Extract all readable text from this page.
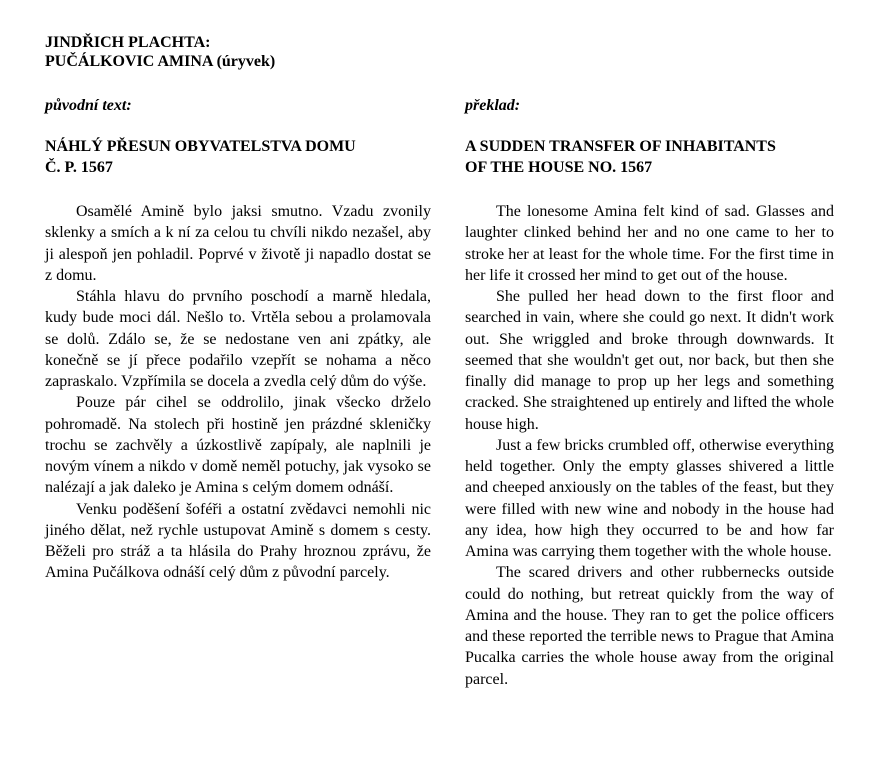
JINDŘICH PLACHTA:
PUČÁLKOVIC AMINA (úryvek)

původní text:

NÁHLÝ PŘESUN OBYVATELSTVA DOMU
Č. P. 1567

Osamělé Amině bylo jaksi smutno. Vzadu zvonily sklenky a smích a k ní za celou tu chvíli nikdo nezašel, aby ji alespoň jen pohladil. Poprvé v životě ji napadlo dostat se z domu.

Stáhla hlavu do prvního poschodí a marně hledala, kudy bude moci dál. Nešlo to. Vrtěla sebou a prolamovala se dolů. Zdálo se, že se nedostane ven ani zpátky, ale konečně se jí přece podařilo vzepřít se nohama a něco zapraskalo. Vzpřímila se docela a zvedla celý dům do výše.

Pouze pár cihel se oddrolilo, jinak všecko drželo pohromadě. Na stolech při hostině jen prázdné skleničky trochu se zachvěly a úzkostlivě zapípaly, ale naplnili je novým vínem a nikdo v domě neměl potuchy, jak vysoko se nalézají a jak daleko je Amina s celým domem odnáší.

Venku poděšení šoféři a ostatní zvědavci nemohli nic jiného dělat, než rychle ustupovat Amině s domem s cesty. Běželi pro stráž a ta hlásila do Prahy hroznou zprávu, že Amina Pučálkova odnáší celý dům z původní parcely.

překlad:

A SUDDEN TRANSFER OF INHABITANTS
OF THE HOUSE NO. 1567

The lonesome Amina felt kind of sad. Glasses and laughter clinked behind her and no one came to her to stroke her at least for the whole time. For the first time in her life it crossed her mind to get out of the house.

She pulled her head down to the first floor and searched in vain, where she could go next. It didn't work out. She wriggled and broke through downwards. It seemed that she wouldn't get out, nor back, but then she finally did manage to prop up her legs and something cracked. She straightened up entirely and lifted the whole house high.

Just a few bricks crumbled off, otherwise everything held together. Only the empty glasses shivered a little and cheeped anxiously on the tables of the feast, but they were filled with new wine and nobody in the house had any idea, how high they occurred to be and how far Amina was carrying them together with the whole house.

The scared drivers and other rubbernecks outside could do nothing, but retreat quickly from the way of Amina and the house. They ran to get the police officers and these reported the terrible news to Prague that Amina Pucalka carries the whole house away from the original parcel.
